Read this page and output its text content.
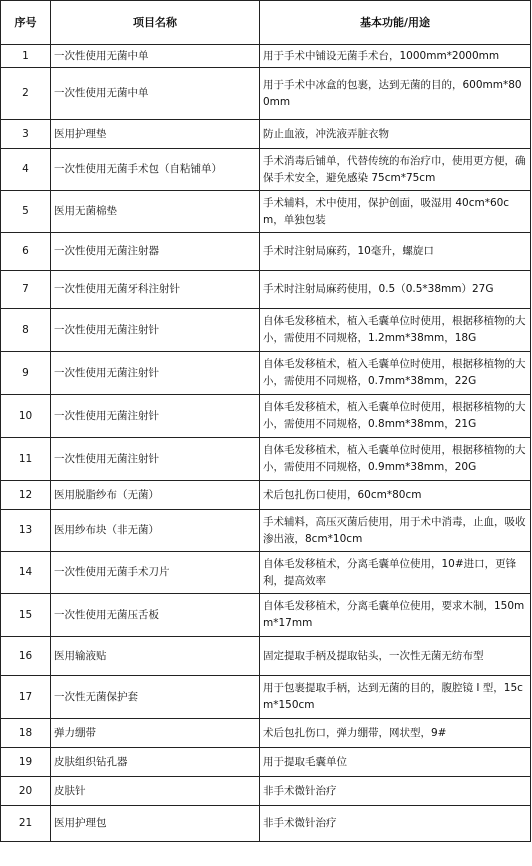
序号	项目名称	基本功能/用途
1	一次性使用无菌中单	用于手术中铺设无菌手术台，1000mm*2000mm
2	一次性使用无菌中单	用于手术中冰盒的包裹，达到无菌的目的，600mm*800mm
3	医用护理垫	防止血液，冲洗液弄脏衣物
4	一次性使用无菌手术包（自粘铺单）	手术消毒后铺单，代替传统的布治疗巾，使用更方便，确保手术安全，避免感染 75cm*75cm
5	医用无菌棉垫	手术辅料，术中使用，保护创面，吸湿用 40cm*60cm，单独包装
6	一次性使用无菌注射器	手术时注射局麻药，10毫升，螺旋口
7	一次性使用无菌牙科注射针	手术时注射局麻药使用，0.5（0.5*38mm）27G
8	一次性使用无菌注射针	自体毛发移植术，植入毛囊单位时使用，根据移植物的大小，需使用不同规格，1.2mm*38mm，18G
9	一次性使用无菌注射针	自体毛发移植术，植入毛囊单位时使用，根据移植物的大小，需使用不同规格，0.7mm*38mm，22G
10	一次性使用无菌注射针	自体毛发移植术，植入毛囊单位时使用，根据移植物的大小，需使用不同规格，0.8mm*38mm，21G
11	一次性使用无菌注射针	自体毛发移植术，植入毛囊单位时使用，根据移植物的大小，需使用不同规格，0.9mm*38mm，20G
12	医用脱脂纱布（无菌）	术后包扎伤口使用，60cm*80cm
13	医用纱布块（非无菌）	手术辅料，高压灭菌后使用，用于术中消毒，止血，吸收渗出液，8cm*10cm
14	一次性使用无菌手术刀片	自体毛发移植术，分离毛囊单位使用，10#进口，更锋利，提高效率
15	一次性使用无菌压舌板	自体毛发移植术，分离毛囊单位使用，要求木制，150mm*17mm
16	医用输液贴	固定提取手柄及提取钻头，一次性无菌无纺布型
17	一次性无菌保护套	用于包裹提取手柄，达到无菌的目的，腹腔镜 I 型，15cm*150cm
18	弹力绷带	术后包扎伤口，弹力绷带，网状型，9#
19	皮肤组织钻孔器	用于提取毛囊单位
20	皮肤针	非手术微针治疗
21	医用护理包	非手术微针治疗
